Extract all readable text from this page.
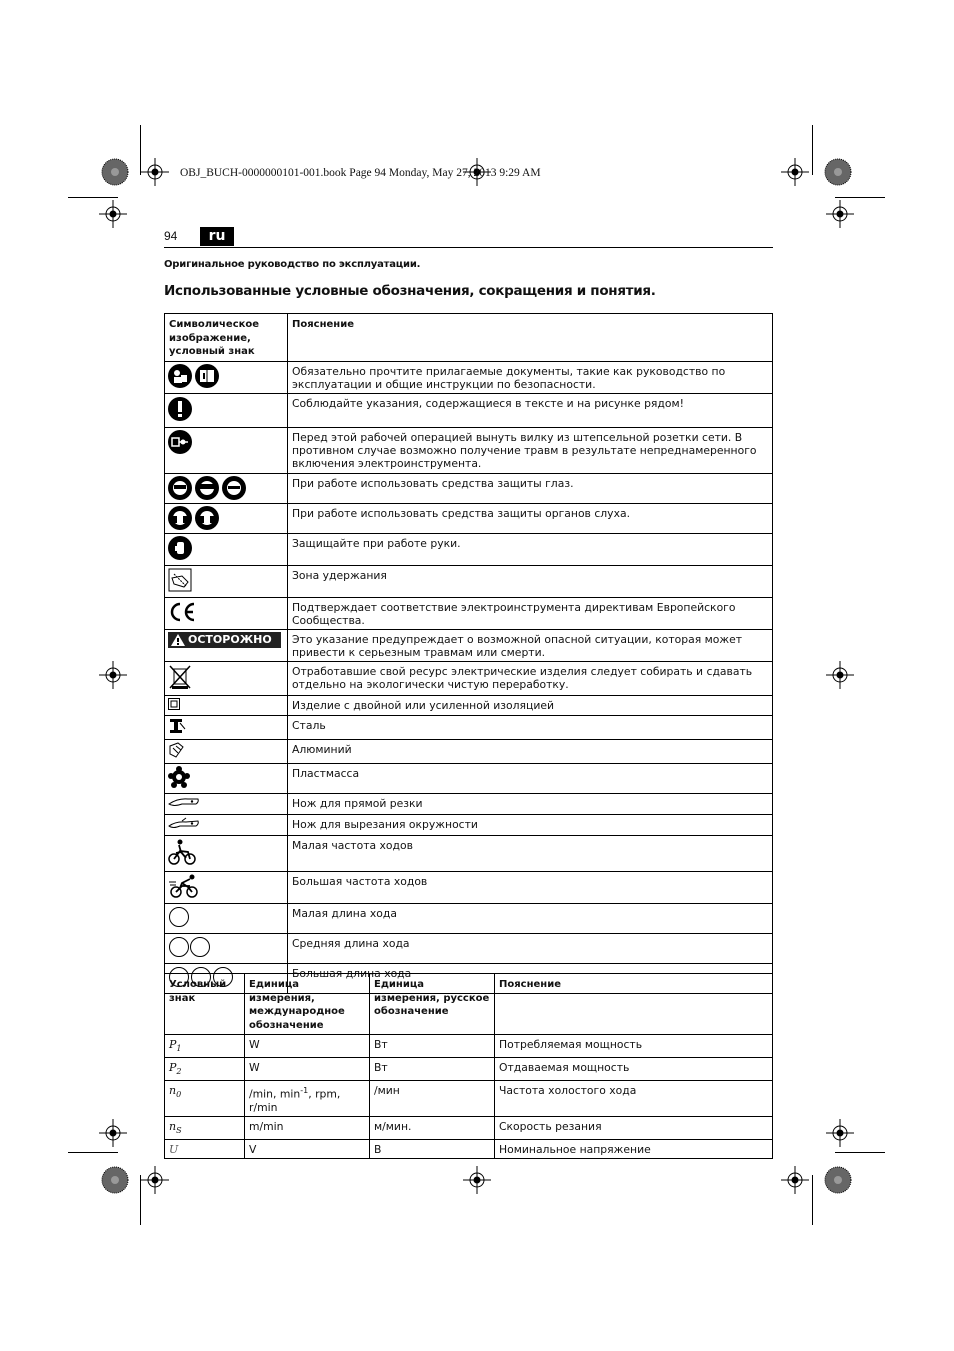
OBJ_BUCH-0000000101-001.book Page 94 Monday, May 27, 2013 9:29 AM
94	ru
Оригинальное руководство по эксплуатации.
Использованные условные обозначения, сокращения и понятия.
Символическое изображение, условный знак	Пояснение

	Обязательно прочтите прилагаемые документы, такие как руководство по эксплуатации и общие инструкции по безопасности.
	Соблюдайте указания, содержащиеся в тексте и на рисунке рядом!
	Перед этой рабочей операцией вынуть вилку из штепсельной розетки сети. В противном случае возможно получение травм в результате непреднамеренного включения электроинструмента.

	При работе использовать средства защиты глаз.

	При работе использовать средства защиты органов слуха.
	Защищайте при работе руки.
	Зона удержания
	Подтверждает соответствие электроинструмента директивам Европейского Сообщества.

ОСТОРОЖНО	Это указание предупреждает о возможной опасной ситуации, которая может привести к серьезным травмам или смерти.
	Отработавшие свой ресурс электрические изделия следует собирать и сдавать отдельно на экологически чистую переработку.
	Изделие с двойной или усиленной изоляцией
	Сталь
	Алюминий
	Пластмасса
	Нож для прямой резки
	Нож для вырезания окружности
	Малая частота ходов
	Большая частота ходов
	Малая длина хода
	Средняя длина хода
	Большая длина хода
Условный знак	Единица измерения, международное обозначение	Единица измерения, русское обозначение	Пояснение
$P_1$	W	Вт	Потребляемая мощность
$P_2$	W	Вт	Отдаваемая мощность
$n_0$	/min, $\min^{-1}$, rpm, r/min	/мин	Частота холостого хода
$n_S$	m/min	м/мин.	Скорость резания
U	V	В	Номинальное напряжение
